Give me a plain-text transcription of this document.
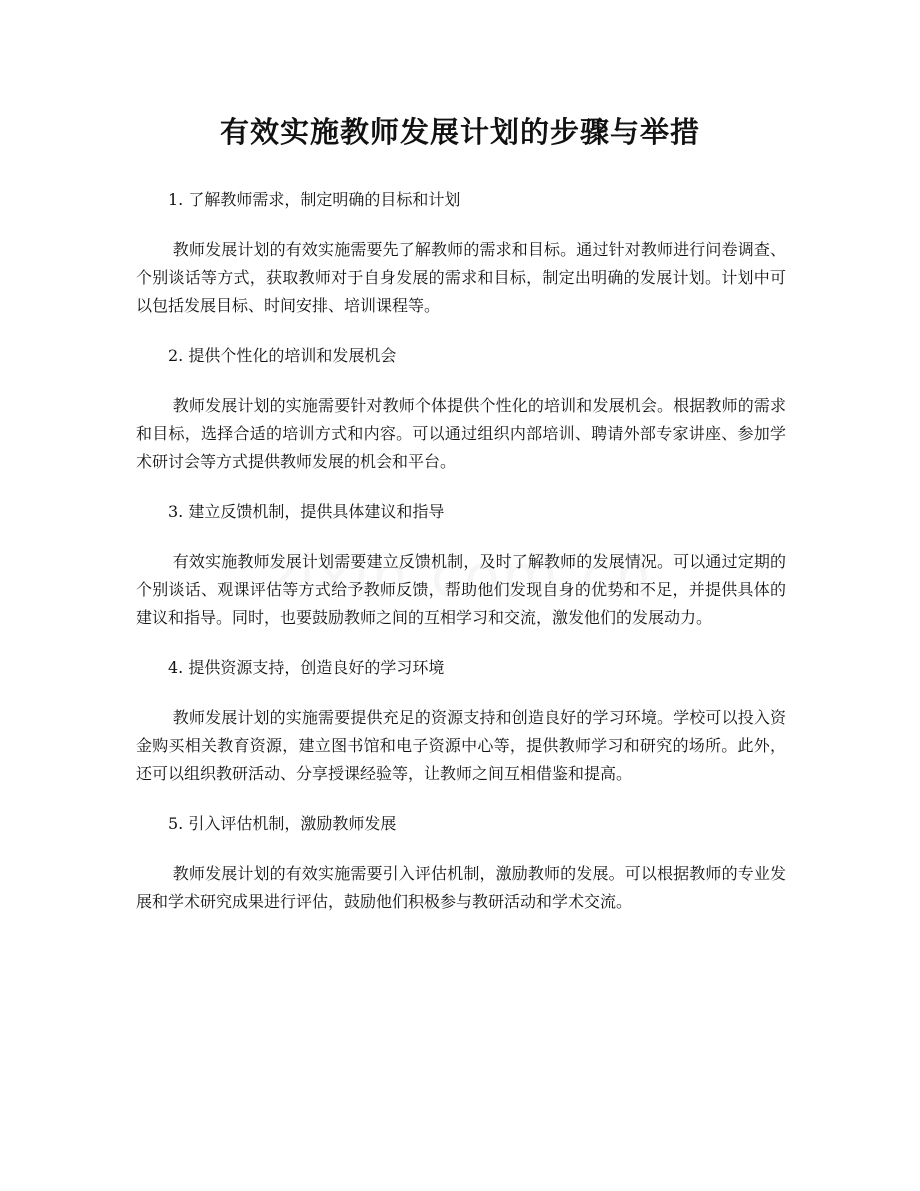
有效实施教师发展计划的步骤与举措

1. 了解教师需求，制定明确的目标和计划

教师发展计划的有效实施需要先了解教师的需求和目标。通过针对教师进行问卷调查、个别谈话等方式，获取教师对于自身发展的需求和目标，制定出明确的发展计划。计划中可以包括发展目标、时间安排、培训课程等。

2. 提供个性化的培训和发展机会

教师发展计划的实施需要针对教师个体提供个性化的培训和发展机会。根据教师的需求和目标，选择合适的培训方式和内容。可以通过组织内部培训、聘请外部专家讲座、参加学术研讨会等方式提供教师发展的机会和平台。

3. 建立反馈机制，提供具体建议和指导

有效实施教师发展计划需要建立反馈机制，及时了解教师的发展情况。可以通过定期的个别谈话、观课评估等方式给予教师反馈，帮助他们发现自身的优势和不足，并提供具体的建议和指导。同时，也要鼓励教师之间的互相学习和交流，激发他们的发展动力。

4. 提供资源支持，创造良好的学习环境

教师发展计划的实施需要提供充足的资源支持和创造良好的学习环境。学校可以投入资金购买相关教育资源，建立图书馆和电子资源中心等，提供教师学习和研究的场所。此外，还可以组织教研活动、分享授课经验等，让教师之间互相借鉴和提高。

5. 引入评估机制，激励教师发展

教师发展计划的有效实施需要引入评估机制，激励教师的发展。可以根据教师的专业发展和学术研究成果进行评估，鼓励他们积极参与教研活动和学术交流。
